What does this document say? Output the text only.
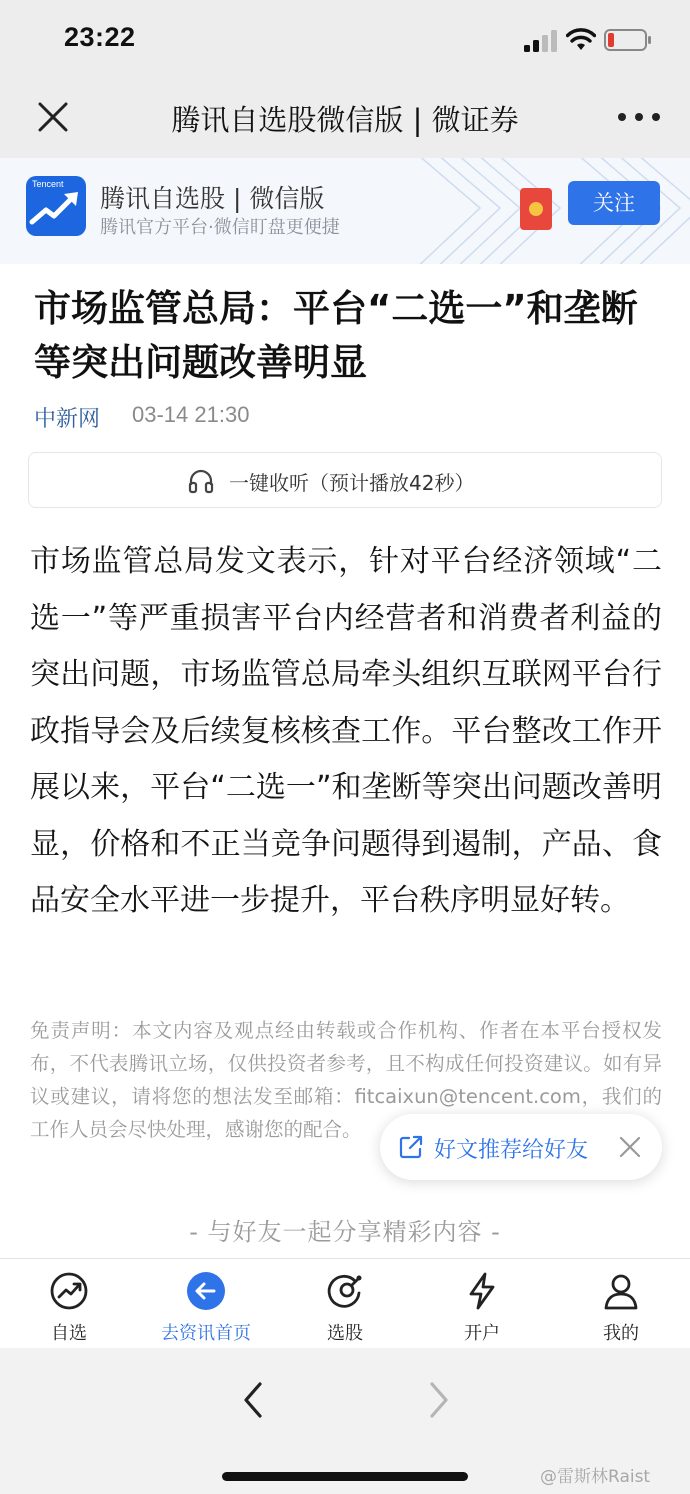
23:22
腾讯自选股微信版 | 微证券
Tencent 腾讯自选股 | 微信版
腾讯官方平台·微信盯盘更便捷
关注
市场监管总局：平台“二选一”和垄断等突出问题改善明显
中新网 03-14 21:30
一键收听（预计播放42秒）
市场监管总局发文表示，针对平台经济领域“二选一”等严重损害平台内经营者和消费者利益的突出问题，市场监管总局牵头组织互联网平台行政指导会及后续复核核查工作。平台整改工作开展以来，平台“二选一”和垄断等突出问题改善明显，价格和不正当竞争问题得到遏制，产品、食品安全水平进一步提升，平台秩序明显好转。
免责声明：本文内容及观点经由转载或合作机构、作者在本平台授权发布，不代表腾讯立场，仅供投资者参考，且不构成任何投资建议。如有异议或建议，请将您的想法发至邮箱：fitcaixun@tencent.com，我们的工作人员会尽快处理，感谢您的配合。
好文推荐给好友
- 与好友一起分享精彩内容 -
自选	去资讯首页	选股	开户	我的
@雷斯林Raist
